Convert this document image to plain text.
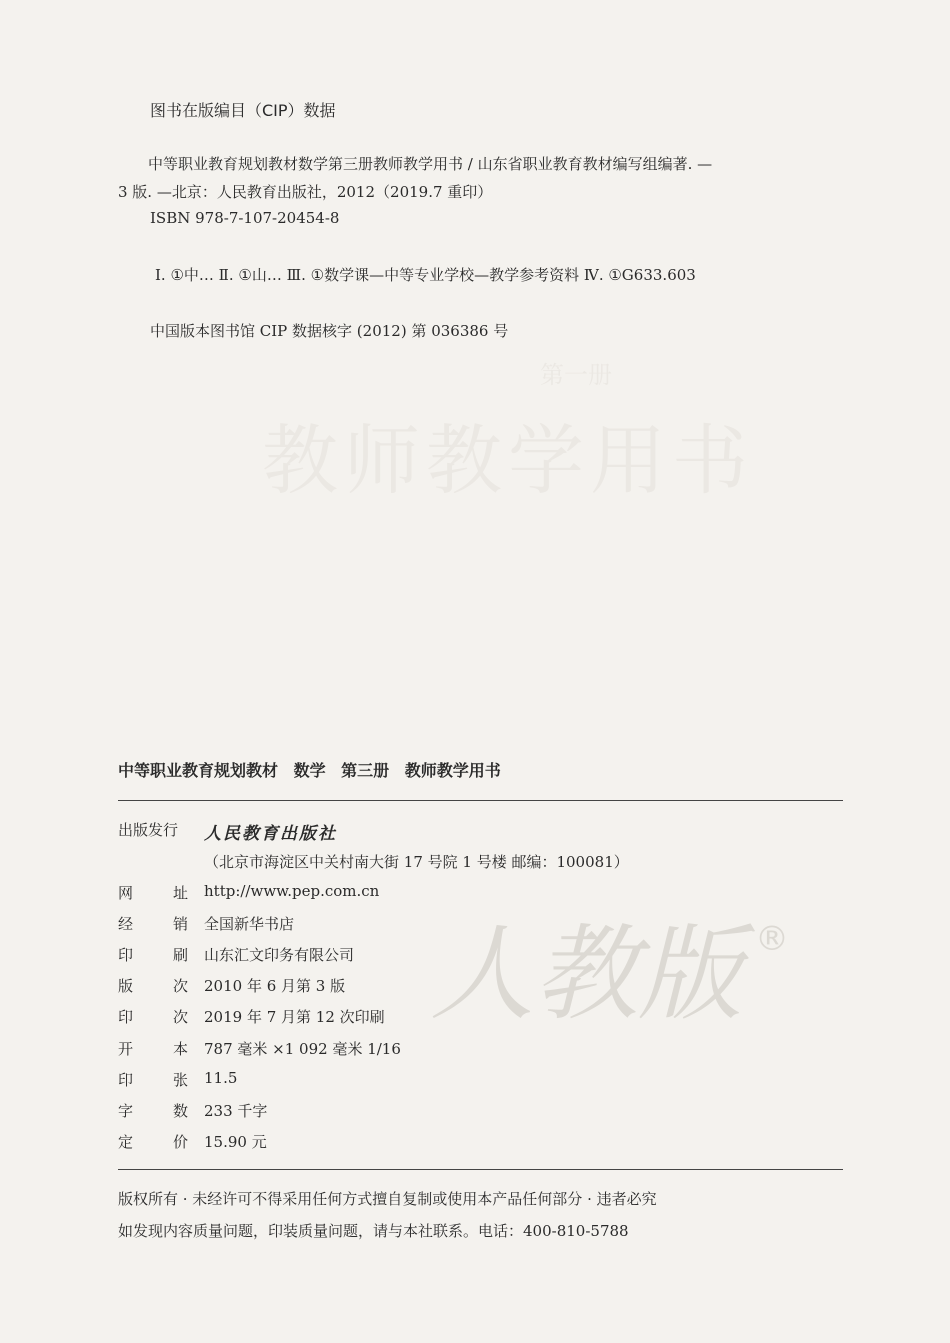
第一册
教师教学用书
图书在版编目（CIP）数据
中等职业教育规划教材数学第三册教师教学用书 / 山东省职业教育教材编写组编著. —
3 版. —北京：人民教育出版社，2012（2019.7 重印）
ISBN 978-7-107-20454-8
Ⅰ. ①中… Ⅱ. ①山… Ⅲ. ①数学课—中等专业学校—教学参考资料 Ⅳ. ①G633.603
中国版本图书馆 CIP 数据核字 (2012) 第 036386 号
中等职业教育规划教材 数学 第三册 教师教学用书
出版发行 人民教育出版社
（北京市海淀区中关村南大街 17 号院 1 号楼 邮编：100081）
人教版 ®
网	址 http://www.pep.com.cn
经	销 全国新华书店
印	刷 山东汇文印务有限公司
版	次 2010 年 6 月第 3 版
印	次 2019 年 7 月第 12 次印刷
开	本 787 毫米 ×1 092 毫米 1/16
印	张 11.5
字	数 233 千字
定	价 15.90 元
版权所有 · 未经许可不得采用任何方式擅自复制或使用本产品任何部分 · 违者必究
如发现内容质量问题，印装质量问题，请与本社联系。电话：400-810-5788
